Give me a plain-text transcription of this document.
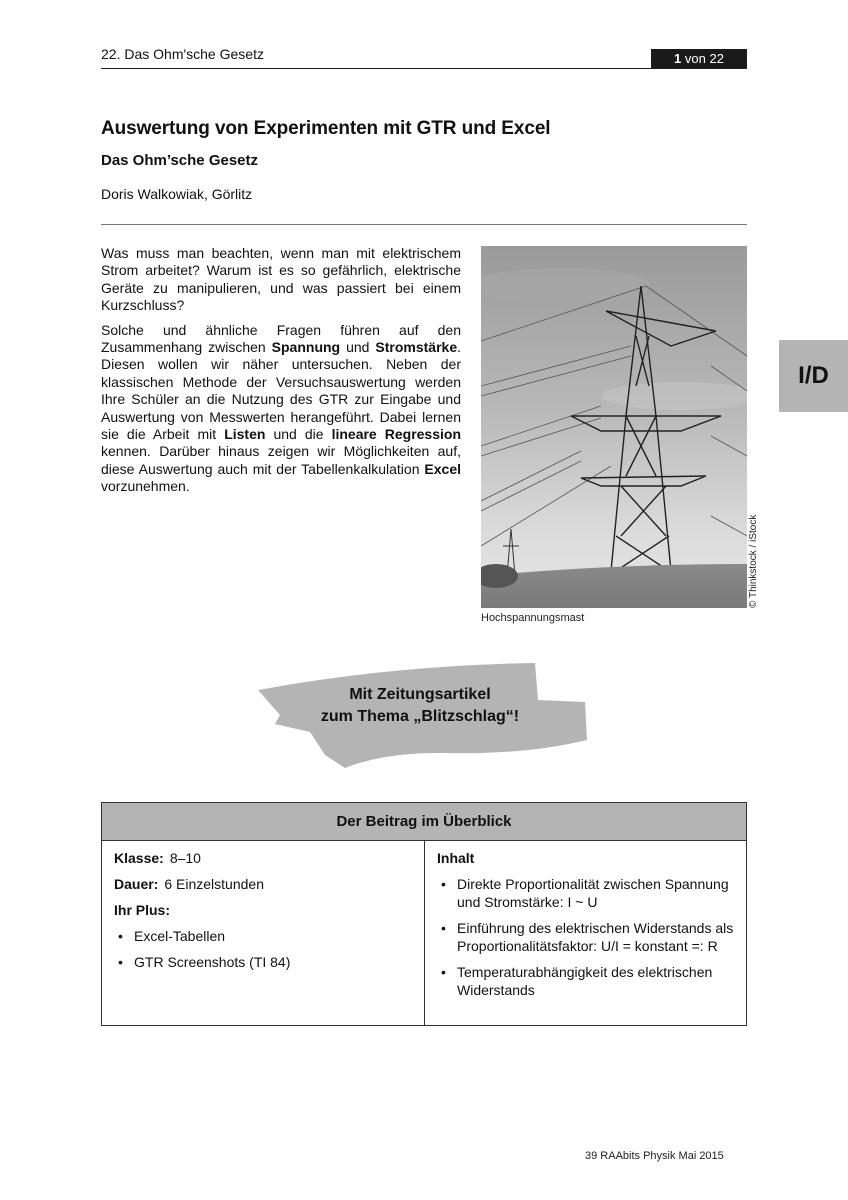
22. Das Ohm'sche Gesetz	1 von 22
Auswertung von Experimenten mit GTR und Excel
Das Ohm’sche Gesetz
Doris Walkowiak, Görlitz

Was muss man beachten, wenn man mit elektrischem Strom arbeitet? Warum ist es so gefährlich, elektrische Geräte zu manipulieren, und was passiert bei einem Kurzschluss?

Solche und ähnliche Fragen führen auf den Zusammenhang zwischen Spannung und Stromstärke. Diesen wollen wir näher untersuchen. Neben der klassischen Methode der Versuchsauswertung werden Ihre Schüler an die Nutzung des GTR zur Eingabe und Auswertung von Messwerten herangeführt. Dabei lernen sie die Arbeit mit Listen und die lineare Regression kennen. Darüber hinaus zeigen wir Möglichkeiten auf, diese Auswertung auch mit der Tabellenkalkulation Excel vorzunehmen.

© Thinkstock / iStock
Hochspannungsmast
I/D
Mit Zeitungsartikel
zum Thema „Blitzschlag“!
Der Beitrag im Überblick
Klasse: 8–10
Dauer: 6 Einzelstunden
Ihr Plus:
• Excel-Tabellen
• GTR Screenshots (TI 84)
Inhalt
• Direkte Proportionalität zwischen Spannung und Stromstärke: I ~ U
• Einführung des elektrischen Widerstands als Proportionalitätsfaktor: U/I = konstant =: R
• Temperaturabhängigkeit des elektrischen Widerstands
39 RAAbits Physik Mai 2015
